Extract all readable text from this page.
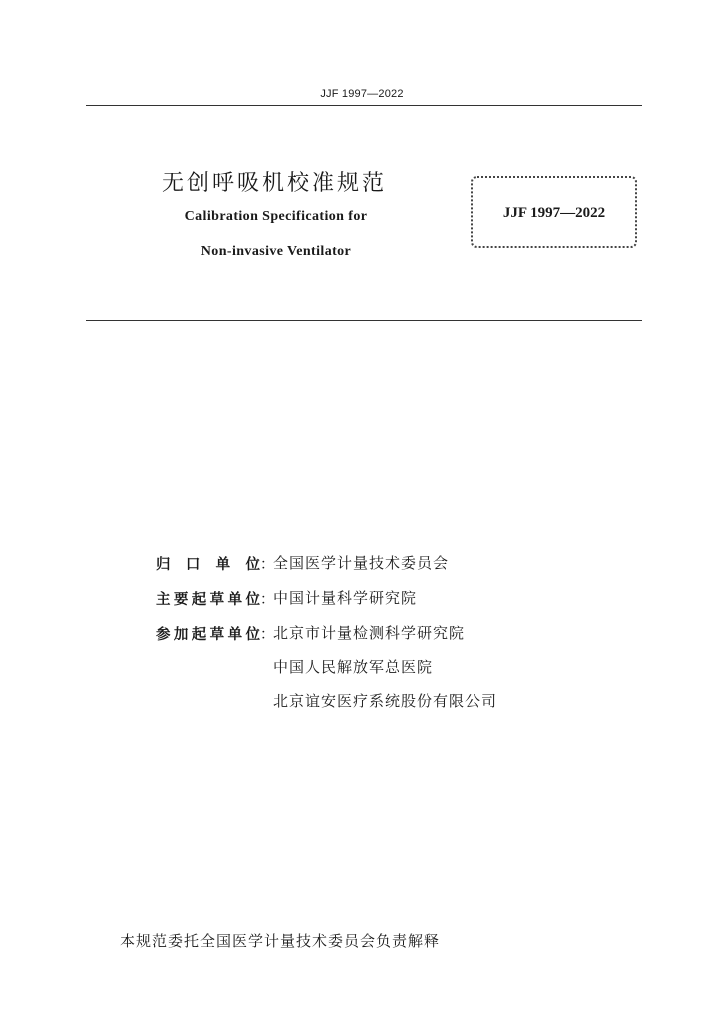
JJF 1997—2022
无创呼吸机校准规范
Calibration Specification for
Non-invasive Ventilator
JJF 1997—2022
归 口 单 位 ：
全国医学计量技术委员会
主 要 起 草 单 位 ：
中国计量科学研究院
参 加 起 草 单 位 ：
北京市计量检测科学研究院
中国人民解放军总医院
北京谊安医疗系统股份有限公司
本规范委托全国医学计量技术委员会负责解释
